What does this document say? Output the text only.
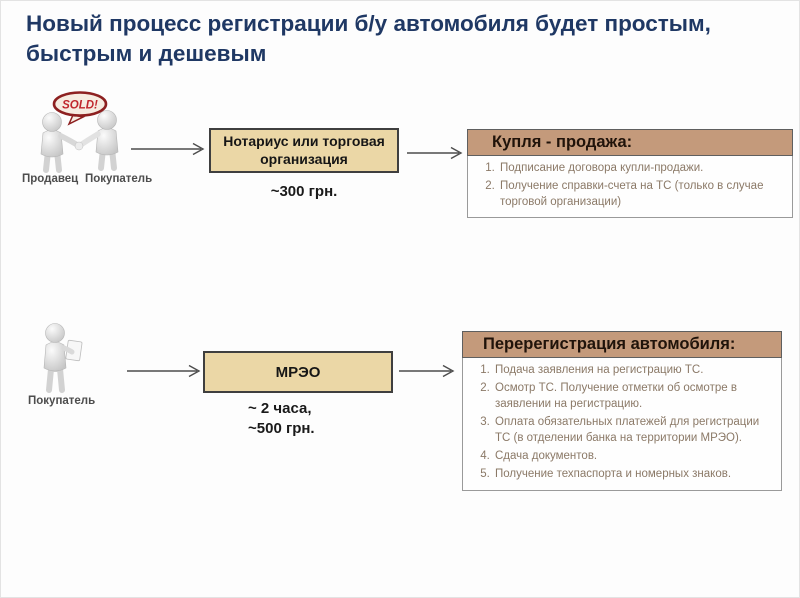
Новый процесс регистрации б/у автомобиля будет простым, быстрым и дешевым
SOLD!
Продавец Покупатель
Нотариус или торговая организация
~300 грн.
Купля - продажа:
1. Подписание договора купли-продажи.
2. Получение справки-счета на ТС (только в случае торговой организации)
Покупатель
МРЭО
~ 2 часа,
~500 грн.
Перерегистрация автомобиля:
1. Подача заявления на регистрацию ТС.
2. Осмотр ТС. Получение отметки об осмотре в заявлении на регистрацию.
3. Оплата обязательных платежей для регистрации ТС (в отделении банка на территории МРЭО).
4. Сдача документов.
5. Получение техпаспорта и номерных знаков.
